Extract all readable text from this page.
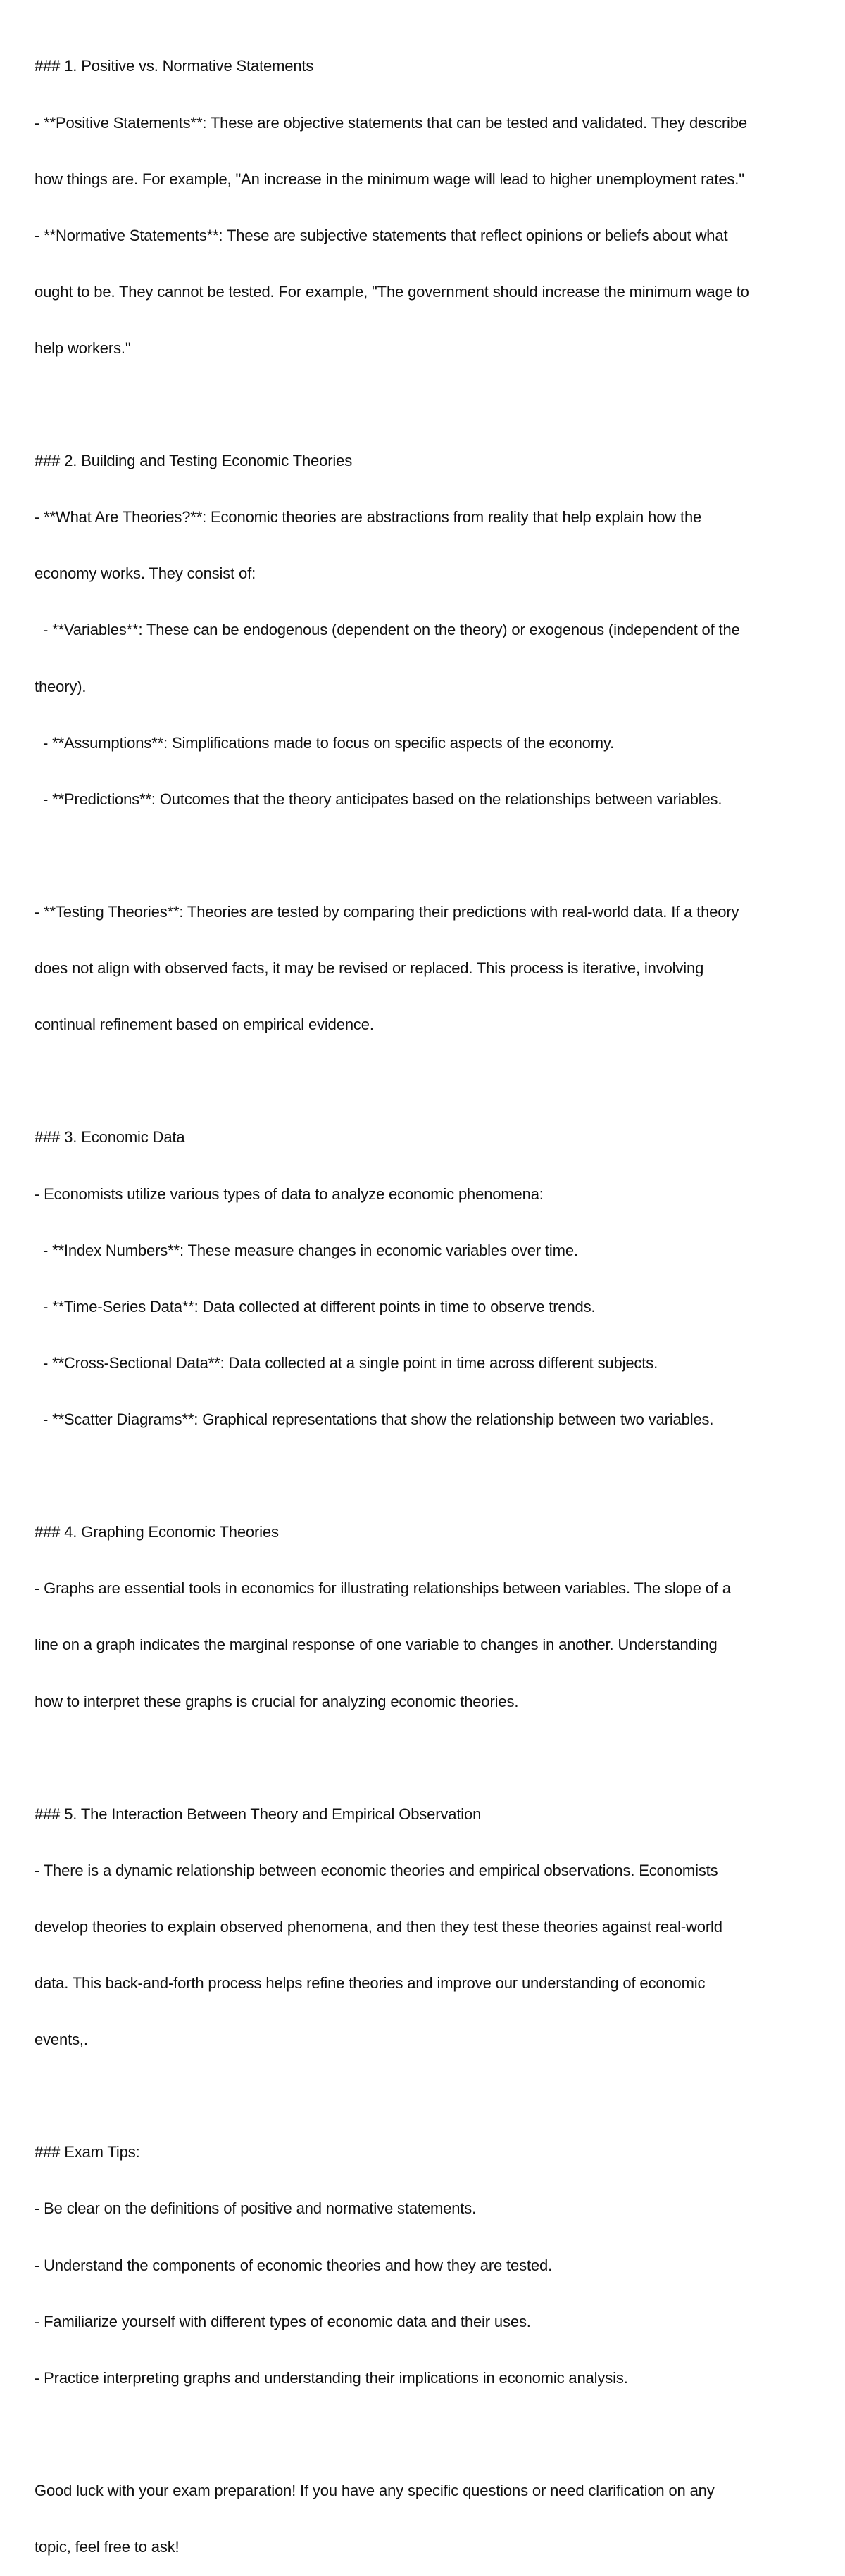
### 1. Positive vs. Normative Statements

- **Positive Statements**: These are objective statements that can be tested and validated. They describe

how things are. For example, "An increase in the minimum wage will lead to higher unemployment rates."

- **Normative Statements**: These are subjective statements that reflect opinions or beliefs about what

ought to be. They cannot be tested. For example, "The government should increase the minimum wage to

help workers."

### 2. Building and Testing Economic Theories

- **What Are Theories?**: Economic theories are abstractions from reality that help explain how the

economy works. They consist of:

- **Variables**: These can be endogenous (dependent on the theory) or exogenous (independent of the

theory).

- **Assumptions**: Simplifications made to focus on specific aspects of the economy.

- **Predictions**: Outcomes that the theory anticipates based on the relationships between variables.

- **Testing Theories**: Theories are tested by comparing their predictions with real-world data. If a theory

does not align with observed facts, it may be revised or replaced. This process is iterative, involving

continual refinement based on empirical evidence.

### 3. Economic Data

- Economists utilize various types of data to analyze economic phenomena:

- **Index Numbers**: These measure changes in economic variables over time.

- **Time-Series Data**: Data collected at different points in time to observe trends.

- **Cross-Sectional Data**: Data collected at a single point in time across different subjects.

- **Scatter Diagrams**: Graphical representations that show the relationship between two variables.

### 4. Graphing Economic Theories

- Graphs are essential tools in economics for illustrating relationships between variables. The slope of a

line on a graph indicates the marginal response of one variable to changes in another. Understanding

how to interpret these graphs is crucial for analyzing economic theories.

### 5. The Interaction Between Theory and Empirical Observation

- There is a dynamic relationship between economic theories and empirical observations. Economists

develop theories to explain observed phenomena, and then they test these theories against real-world

data. This back-and-forth process helps refine theories and improve our understanding of economic

events,.

### Exam Tips:

- Be clear on the definitions of positive and normative statements.

- Understand the components of economic theories and how they are tested.

- Familiarize yourself with different types of economic data and their uses.

- Practice interpreting graphs and understanding their implications in economic analysis.

Good luck with your exam preparation! If you have any specific questions or need clarification on any

topic, feel free to ask!
